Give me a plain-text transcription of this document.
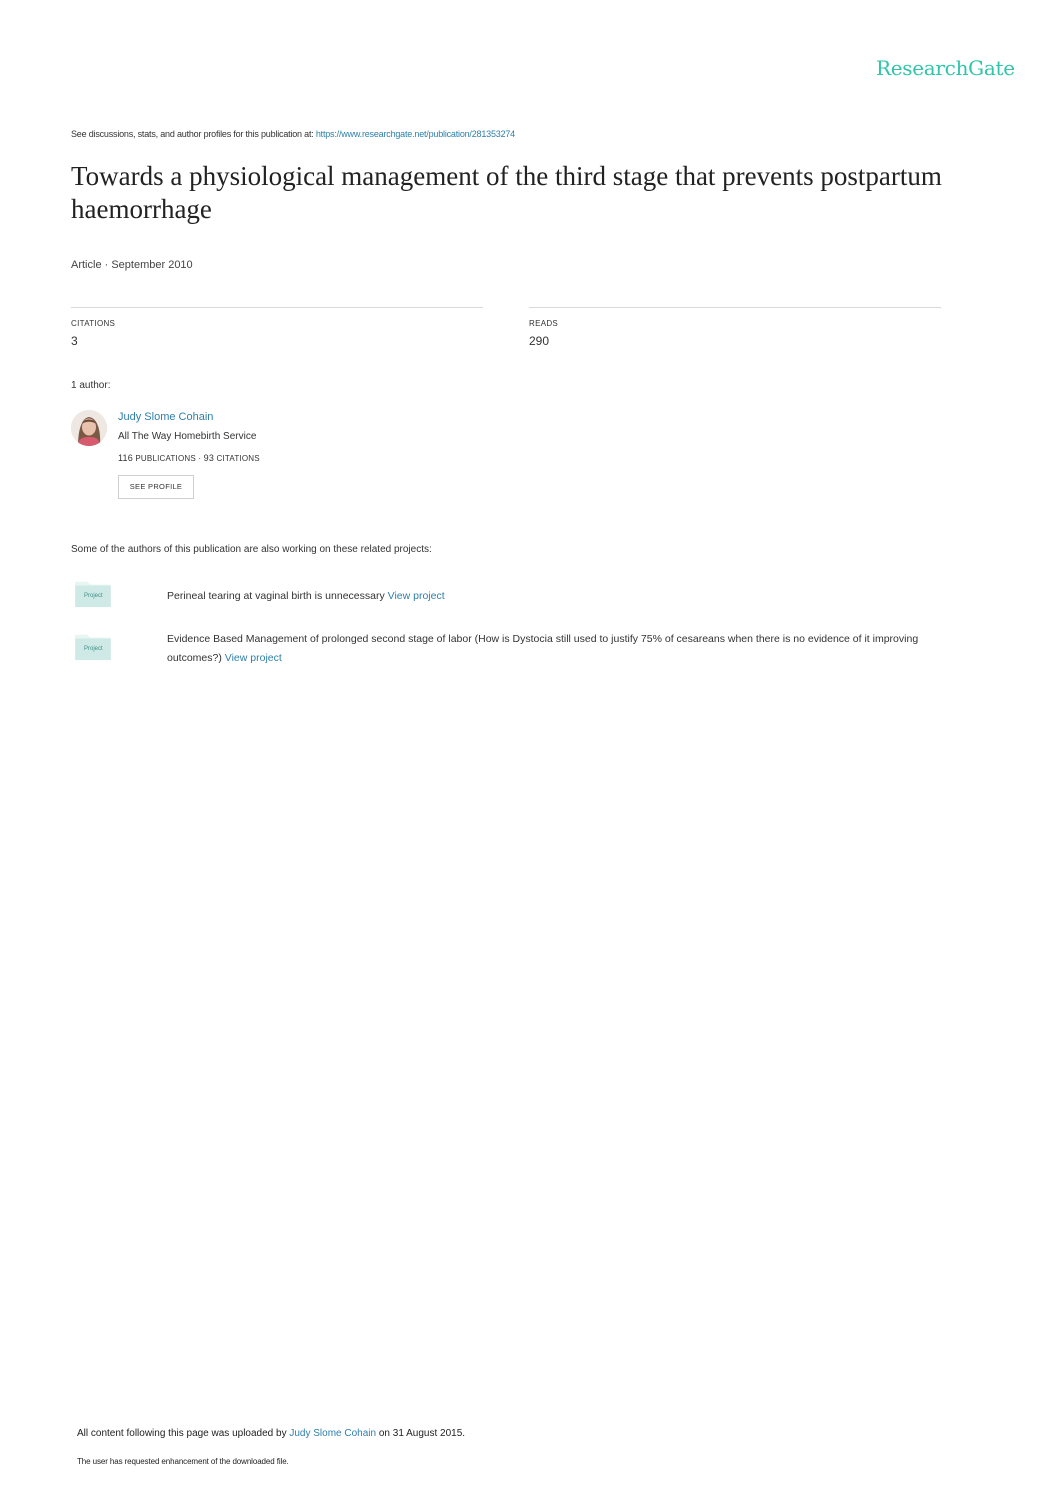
ResearchGate
See discussions, stats, and author profiles for this publication at: https://www.researchgate.net/publication/281353274
Towards a physiological management of the third stage that prevents postpartum haemorrhage
Article · September 2010
CITATIONS
3
READS
290
1 author:
Judy Slome Cohain
All The Way Homebirth Service
116 PUBLICATIONS · 93 CITATIONS
SEE PROFILE
Some of the authors of this publication are also working on these related projects:
Project	Perineal tearing at vaginal birth is unnecessary View project
Project
Evidence Based Management of prolonged second stage of labor (How is Dystocia still used to justify 75% of cesareans when there is no evidence of it improving outcomes?) View project
All content following this page was uploaded by Judy Slome Cohain on 31 August 2015.
The user has requested enhancement of the downloaded file.
